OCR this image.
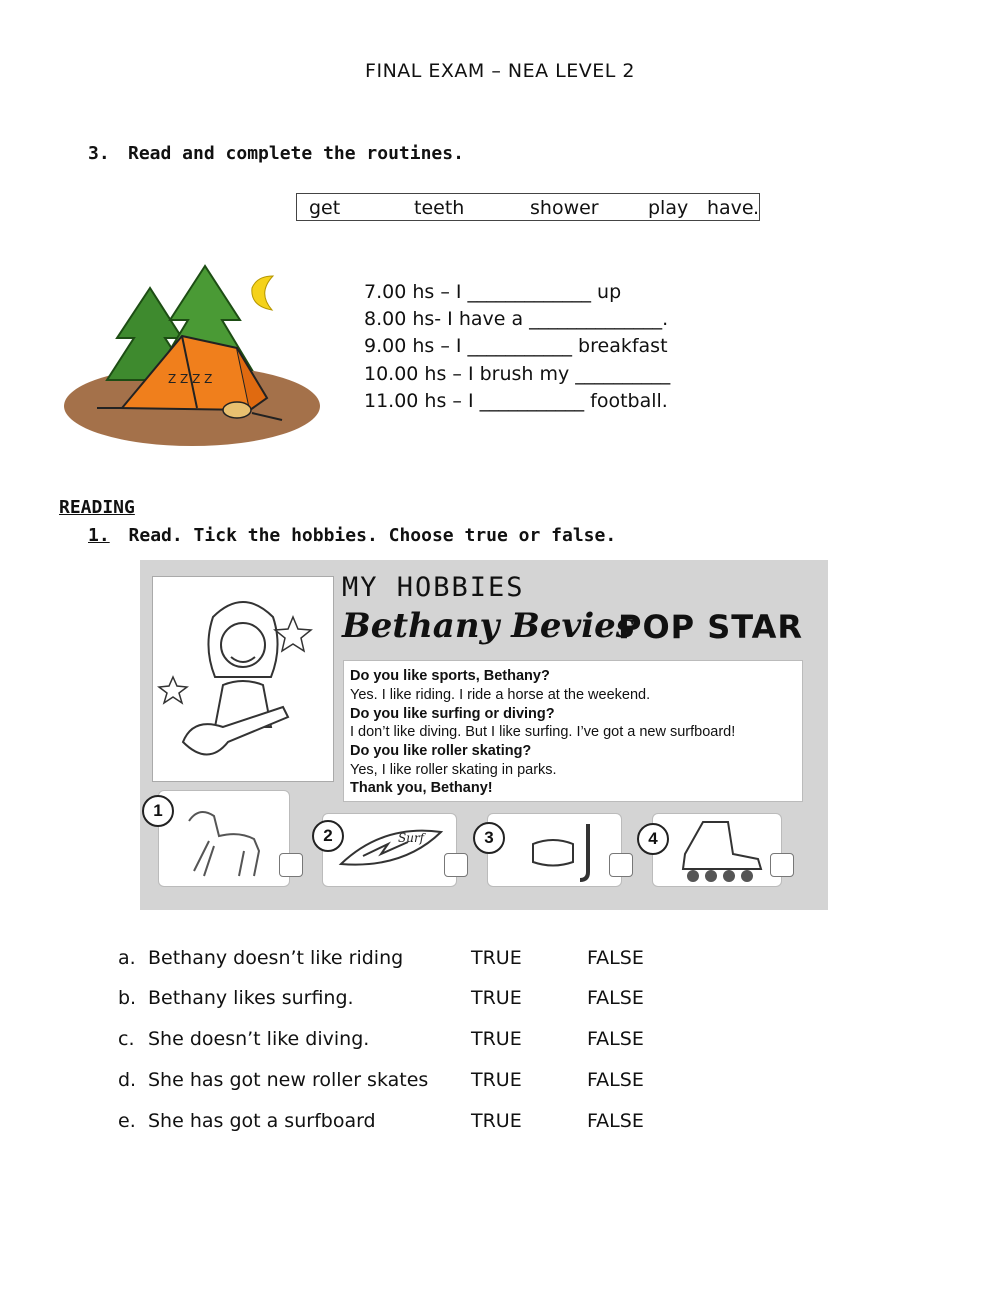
FINAL EXAM – NEA LEVEL 2
3. Read and complete the routines.
get	teeth	shower	play have .
Z Z Z Z
7.00 hs – I _____________ up
8.00 hs- I have a ______________.
9.00 hs – I ___________ breakfast
10.00 hs – I brush my __________
11.00 hs – I ___________ football.
READING
1. Read. Tick the hobbies. Choose true or false.
MY HOBBIES
Bethany Bevies
POP STAR
Do you like sports, Bethany?
Yes. I like riding. I ride a horse at the weekend.
Do you like surfing or diving?
I don’t like diving. But I like surfing. I’ve got a new surfboard!
Do you like roller skating?
Yes, I like roller skating in parks.
Thank you, Bethany!
1
Surf
2	3	4
a. Bethany doesn’t like riding	TRUE	FALSE
b. Bethany likes surfing.	TRUE	FALSE
c. She doesn’t like diving.	TRUE	FALSE
d. She has got new roller skates TRUE	FALSE
e. She has got a surfboard	TRUE	FALSE
